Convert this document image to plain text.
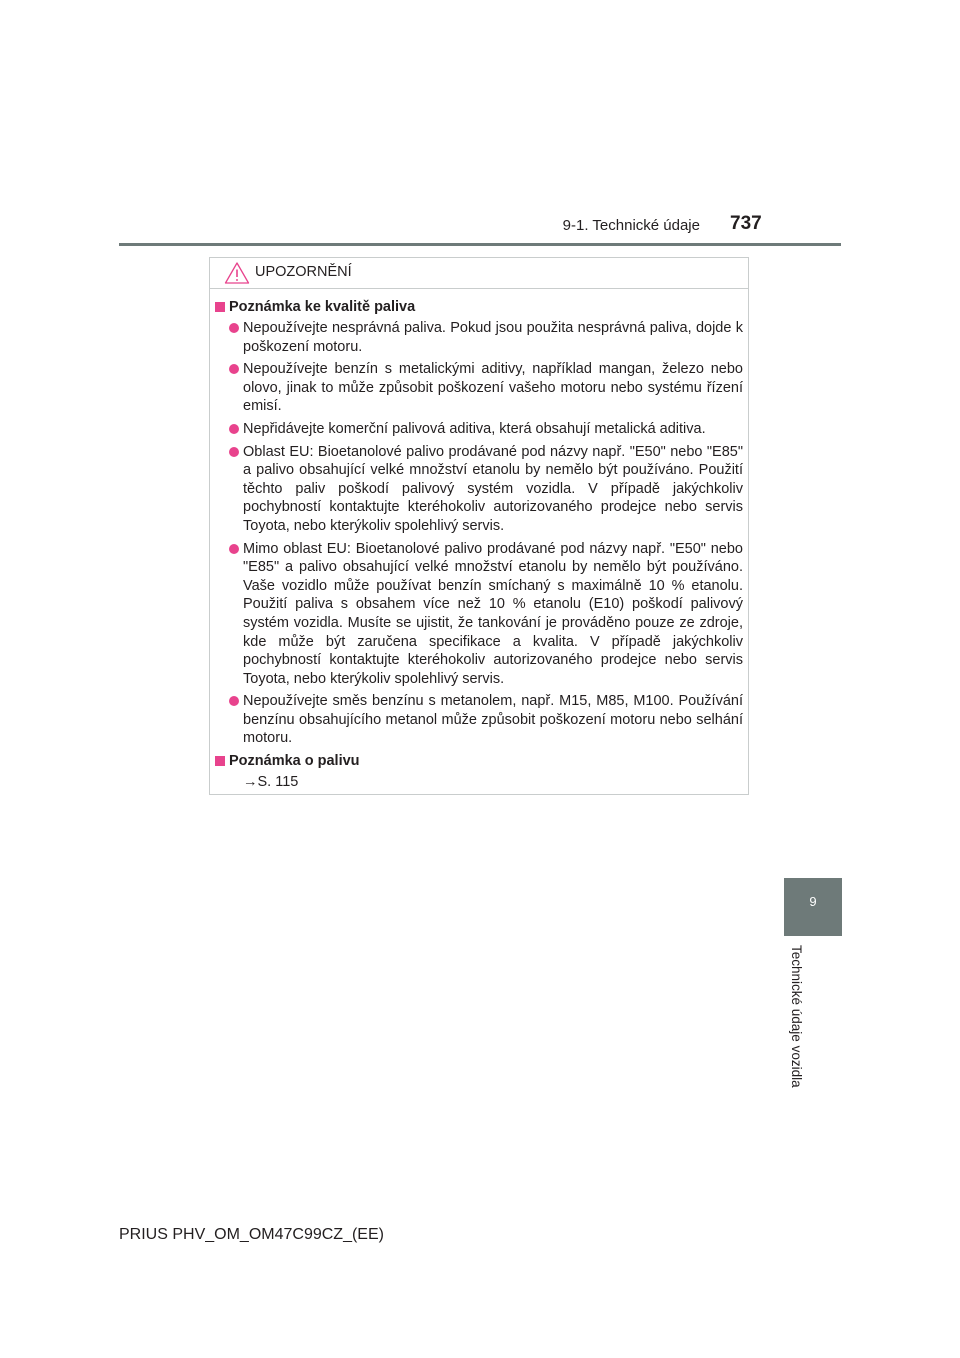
9-1. Technické údaje 737
UPOZORNĚNÍ
Poznámka ke kvalitě paliva
Nepoužívejte nesprávná paliva. Pokud jsou použita nesprávná paliva, dojde k poškození motoru.
Nepoužívejte benzín s metalickými aditivy, například mangan, železo nebo olovo, jinak to může způsobit poškození vašeho motoru nebo systému řízení emisí.
Nepřidávejte komerční palivová aditiva, která obsahují metalická aditiva.
Oblast EU: Bioetanolové palivo prodávané pod názvy např. "E50" nebo "E85" a palivo obsahující velké množství etanolu by nemělo být používáno. Použití těchto paliv poškodí palivový systém vozidla. V případě jakýchkoliv pochybností kontaktujte kteréhokoliv autorizovaného prodejce nebo servis Toyota, nebo kterýkoliv spolehlivý servis.
Mimo oblast EU: Bioetanolové palivo prodávané pod názvy např. "E50" nebo "E85" a palivo obsahující velké množství etanolu by nemělo být používáno. Vaše vozidlo může používat benzín smíchaný s maximálně 10 % etanolu. Použití paliva s obsahem více než 10 % etanolu (E10) poškodí palivový systém vozidla. Musíte se ujistit, že tankování je prováděno pouze ze zdroje, kde může být zaručena specifikace a kvalita. V případě jakýchkoliv pochybností kontaktujte kteréhokoliv autorizovaného prodejce nebo servis Toyota, nebo kterýkoliv spolehlivý servis.
Nepoužívejte směs benzínu s metanolem, např. M15, M85, M100. Používání benzínu obsahujícího metanol může způsobit poškození motoru nebo selhání motoru.
Poznámka o palivu
→S. 115
9
Technické údaje vozidla
PRIUS PHV_OM_OM47C99CZ_(EE)
